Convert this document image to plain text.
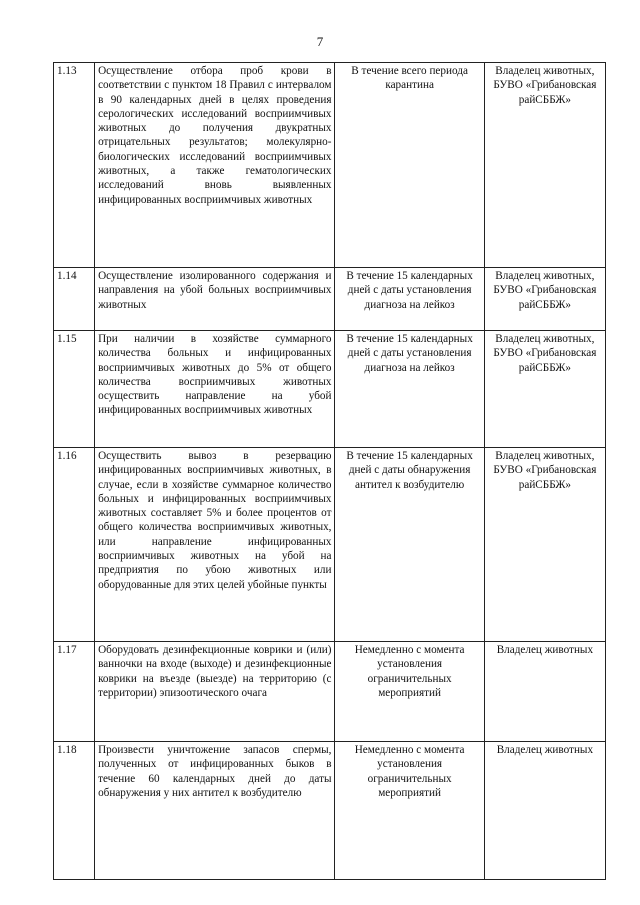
7
1.13	Осуществление отбора проб крови в соответствии с пунктом 18 Правил с интервалом в 90 календарных дней в целях проведения серологических исследований восприимчивых животных до получения двукратных отрицательных результатов; молекулярно-биологических исследований восприимчивых животных, а также гематологических исследований вновь выявленных инфицированных восприимчивых животных	В течение всего периода карантина	Владелец животных, БУВО «Грибановская райСББЖ»
1.14	Осуществление изолированного содержания и направления на убой больных восприимчивых животных	В течение 15 календарных дней с даты установления диагноза на лейкоз	Владелец животных, БУВО «Грибановская райСББЖ»
1.15	При наличии в хозяйстве суммарного количества больных и инфицированных восприимчивых животных до 5% от общего количества восприимчивых животных осуществить направление на убой инфицированных восприимчивых животных	В течение 15 календарных дней с даты установления диагноза на лейкоз	Владелец животных, БУВО «Грибановская райСББЖ»
1.16	Осуществить вывоз в резервацию инфицированных восприимчивых животных, в случае, если в хозяйстве суммарное количество больных и инфицированных восприимчивых животных составляет 5% и более процентов от общего количества восприимчивых животных, или направление инфицированных восприимчивых животных на убой на предприятия по убою животных или оборудованные для этих целей убойные пункты	В течение 15 календарных дней с даты обнаружения антител к возбудителю	Владелец животных, БУВО «Грибановская райСББЖ»
1.17	Оборудовать дезинфекционные коврики и (или) ванночки на входе (выходе) и дезинфекционные коврики на въезде (выезде) на территорию (с территории) эпизоотического очага	Немедленно с момента установления ограничительных мероприятий	Владелец животных
1.18	Произвести уничтожение запасов спермы, полученных от инфицированных быков в течение 60 календарных дней до даты обнаружения у них антител к возбудителю	Немедленно с момента установления ограничительных мероприятий	Владелец животных
